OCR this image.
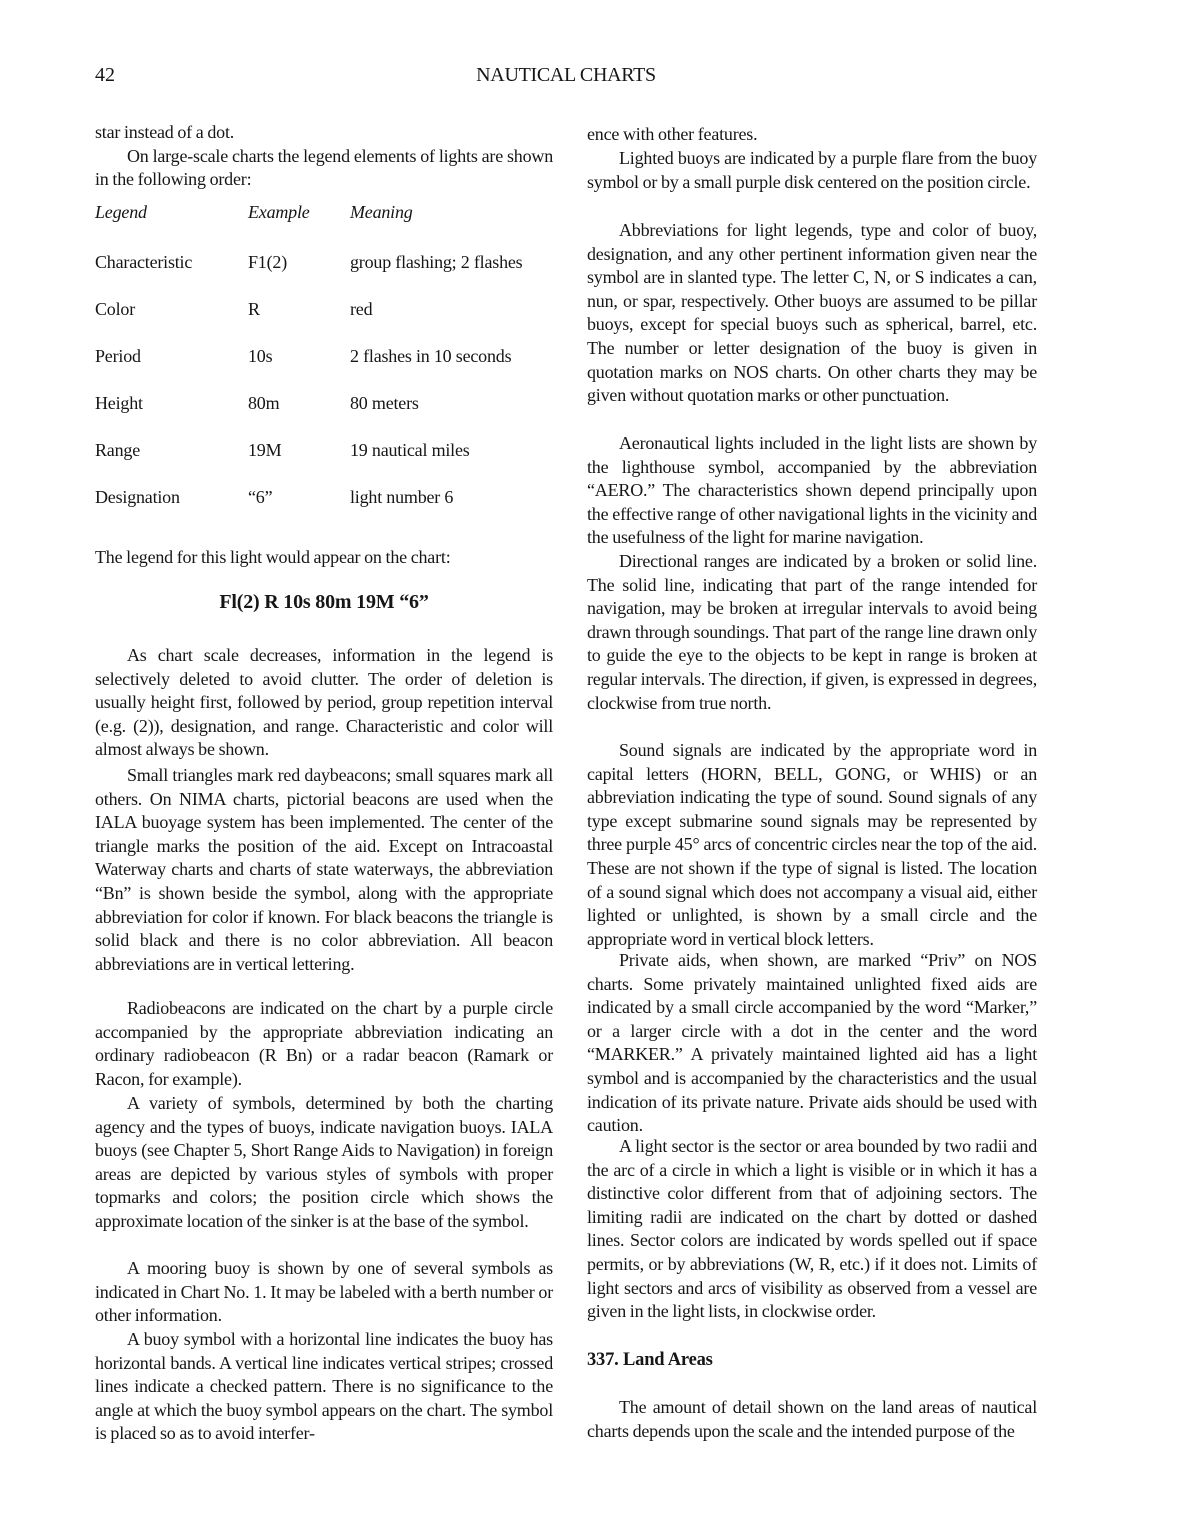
42	NAUTICAL CHARTS

star instead of a dot.

On large-scale charts the legend elements of lights are shown in the following order:

Legend	Example	Meaning
Characteristic	F1(2)	group flashing; 2 flashes
Color	R	red
Period	10s	2 flashes in 10 seconds
Height	80m	80 meters
Range	19M	19 nautical miles
Designation	“6”	light number 6

The legend for this light would appear on the chart:

Fl(2) R 10s 80m 19M “6”

As chart scale decreases, information in the legend is selectively deleted to avoid clutter. The order of deletion is usually height first, followed by period, group repetition interval (e.g. (2)), designation, and range. Characteristic and color will almost always be shown.

Small triangles mark red daybeacons; small squares mark all others. On NIMA charts, pictorial beacons are used when the IALA buoyage system has been implemented. The center of the triangle marks the position of the aid. Except on Intracoastal Waterway charts and charts of state waterways, the abbreviation “Bn” is shown beside the symbol, along with the appropriate abbreviation for color if known. For black beacons the triangle is solid black and there is no color abbreviation. All beacon abbreviations are in vertical lettering.

Radiobeacons are indicated on the chart by a purple circle accompanied by the appropriate abbreviation indicating an ordinary radiobeacon (R Bn) or a radar beacon (Ramark or Racon, for example).

A variety of symbols, determined by both the charting agency and the types of buoys, indicate navigation buoys. IALA buoys (see Chapter 5, Short Range Aids to Navigation) in foreign areas are depicted by various styles of symbols with proper topmarks and colors; the position circle which shows the approximate location of the sinker is at the base of the symbol.

A mooring buoy is shown by one of several symbols as indicated in Chart No. 1. It may be labeled with a berth number or other information.

A buoy symbol with a horizontal line indicates the buoy has horizontal bands. A vertical line indicates vertical stripes; crossed lines indicate a checked pattern. There is no significance to the angle at which the buoy symbol appears on the chart. The symbol is placed so as to avoid interfer-

ence with other features.

Lighted buoys are indicated by a purple flare from the buoy symbol or by a small purple disk centered on the position circle.

Abbreviations for light legends, type and color of buoy, designation, and any other pertinent information given near the symbol are in slanted type. The letter C, N, or S indicates a can, nun, or spar, respectively. Other buoys are assumed to be pillar buoys, except for special buoys such as spherical, barrel, etc. The number or letter designation of the buoy is given in quotation marks on NOS charts. On other charts they may be given without quotation marks or other punctuation.

Aeronautical lights included in the light lists are shown by the lighthouse symbol, accompanied by the abbreviation “AERO.” The characteristics shown depend principally upon the effective range of other navigational lights in the vicinity and the usefulness of the light for marine navigation.

Directional ranges are indicated by a broken or solid line. The solid line, indicating that part of the range intended for navigation, may be broken at irregular intervals to avoid being drawn through soundings. That part of the range line drawn only to guide the eye to the objects to be kept in range is broken at regular intervals. The direction, if given, is expressed in degrees, clockwise from true north.

Sound signals are indicated by the appropriate word in capital letters (HORN, BELL, GONG, or WHIS) or an abbreviation indicating the type of sound. Sound signals of any type except submarine sound signals may be represented by three purple 45° arcs of concentric circles near the top of the aid. These are not shown if the type of signal is listed. The location of a sound signal which does not accompany a visual aid, either lighted or unlighted, is shown by a small circle and the appropriate word in vertical block letters.

Private aids, when shown, are marked “Priv” on NOS charts. Some privately maintained unlighted fixed aids are indicated by a small circle accompanied by the word “Marker,” or a larger circle with a dot in the center and the word “MARKER.” A privately maintained lighted aid has a light symbol and is accompanied by the characteristics and the usual indication of its private nature. Private aids should be used with caution.

A light sector is the sector or area bounded by two radii and the arc of a circle in which a light is visible or in which it has a distinctive color different from that of adjoining sectors. The limiting radii are indicated on the chart by dotted or dashed lines. Sector colors are indicated by words spelled out if space permits, or by abbreviations (W, R, etc.) if it does not. Limits of light sectors and arcs of visibility as observed from a vessel are given in the light lists, in clockwise order.

337. Land Areas

The amount of detail shown on the land areas of nautical charts depends upon the scale and the intended purpose of the
